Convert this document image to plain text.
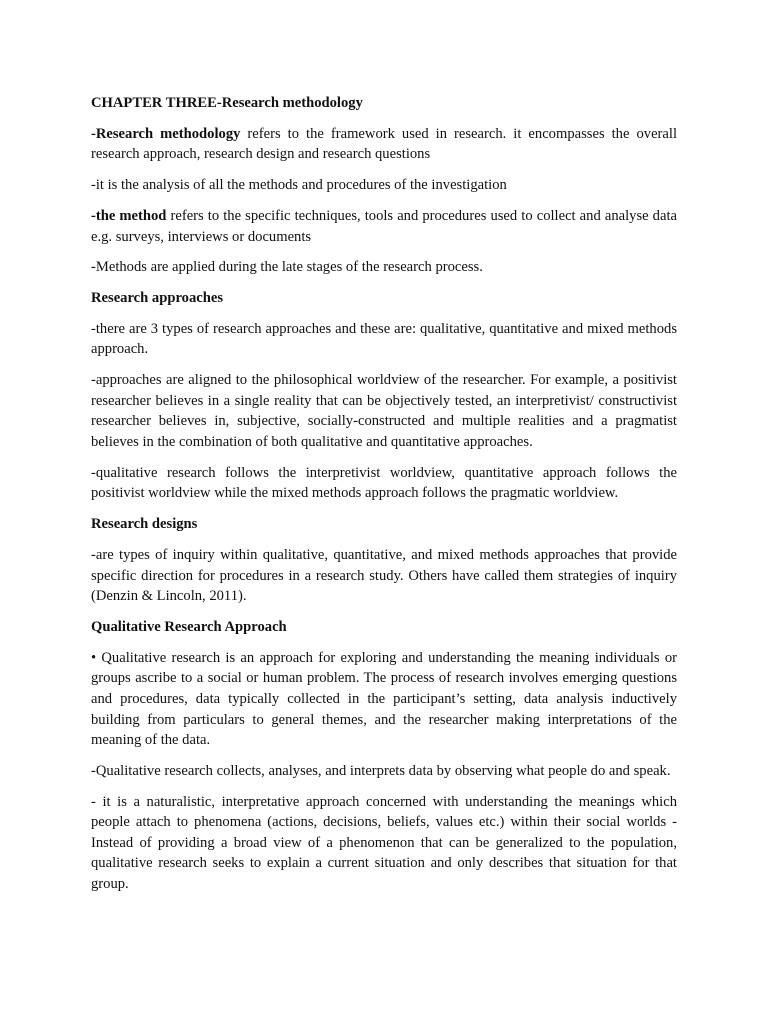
CHAPTER THREE-Research methodology

-Research methodology refers to the framework used in research. it encompasses the overall research approach, research design and research questions

-it is the analysis of all the methods and procedures of the investigation

-the method refers to the specific techniques, tools and procedures used to collect and analyse data e.g. surveys, interviews or documents

-Methods are applied during the late stages of the research process.

Research approaches

-there are 3 types of research approaches and these are: qualitative, quantitative and mixed methods approach.

-approaches are aligned to the philosophical worldview of the researcher. For example, a positivist researcher believes in a single reality that can be objectively tested, an interpretivist/ constructivist researcher believes in, subjective, socially-constructed and multiple realities and a pragmatist believes in the combination of both qualitative and quantitative approaches.

-qualitative research follows the interpretivist worldview, quantitative approach follows the positivist worldview while the mixed methods approach follows the pragmatic worldview.

Research designs

-are types of inquiry within qualitative, quantitative, and mixed methods approaches that provide specific direction for procedures in a research study. Others have called them strategies of inquiry (Denzin & Lincoln, 2011).

Qualitative Research Approach

• Qualitative research is an approach for exploring and understanding the meaning individuals or groups ascribe to a social or human problem. The process of research involves emerging questions and procedures, data typically collected in the participant’s setting, data analysis inductively building from particulars to general themes, and the researcher making interpretations of the meaning of the data.

-Qualitative research collects, analyses, and interprets data by observing what people do and speak.

- it is a naturalistic, interpretative approach concerned with understanding the meanings which people attach to phenomena (actions, decisions, beliefs, values etc.) within their social worlds - Instead of providing a broad view of a phenomenon that can be generalized to the population, qualitative research seeks to explain a current situation and only describes that situation for that group.
